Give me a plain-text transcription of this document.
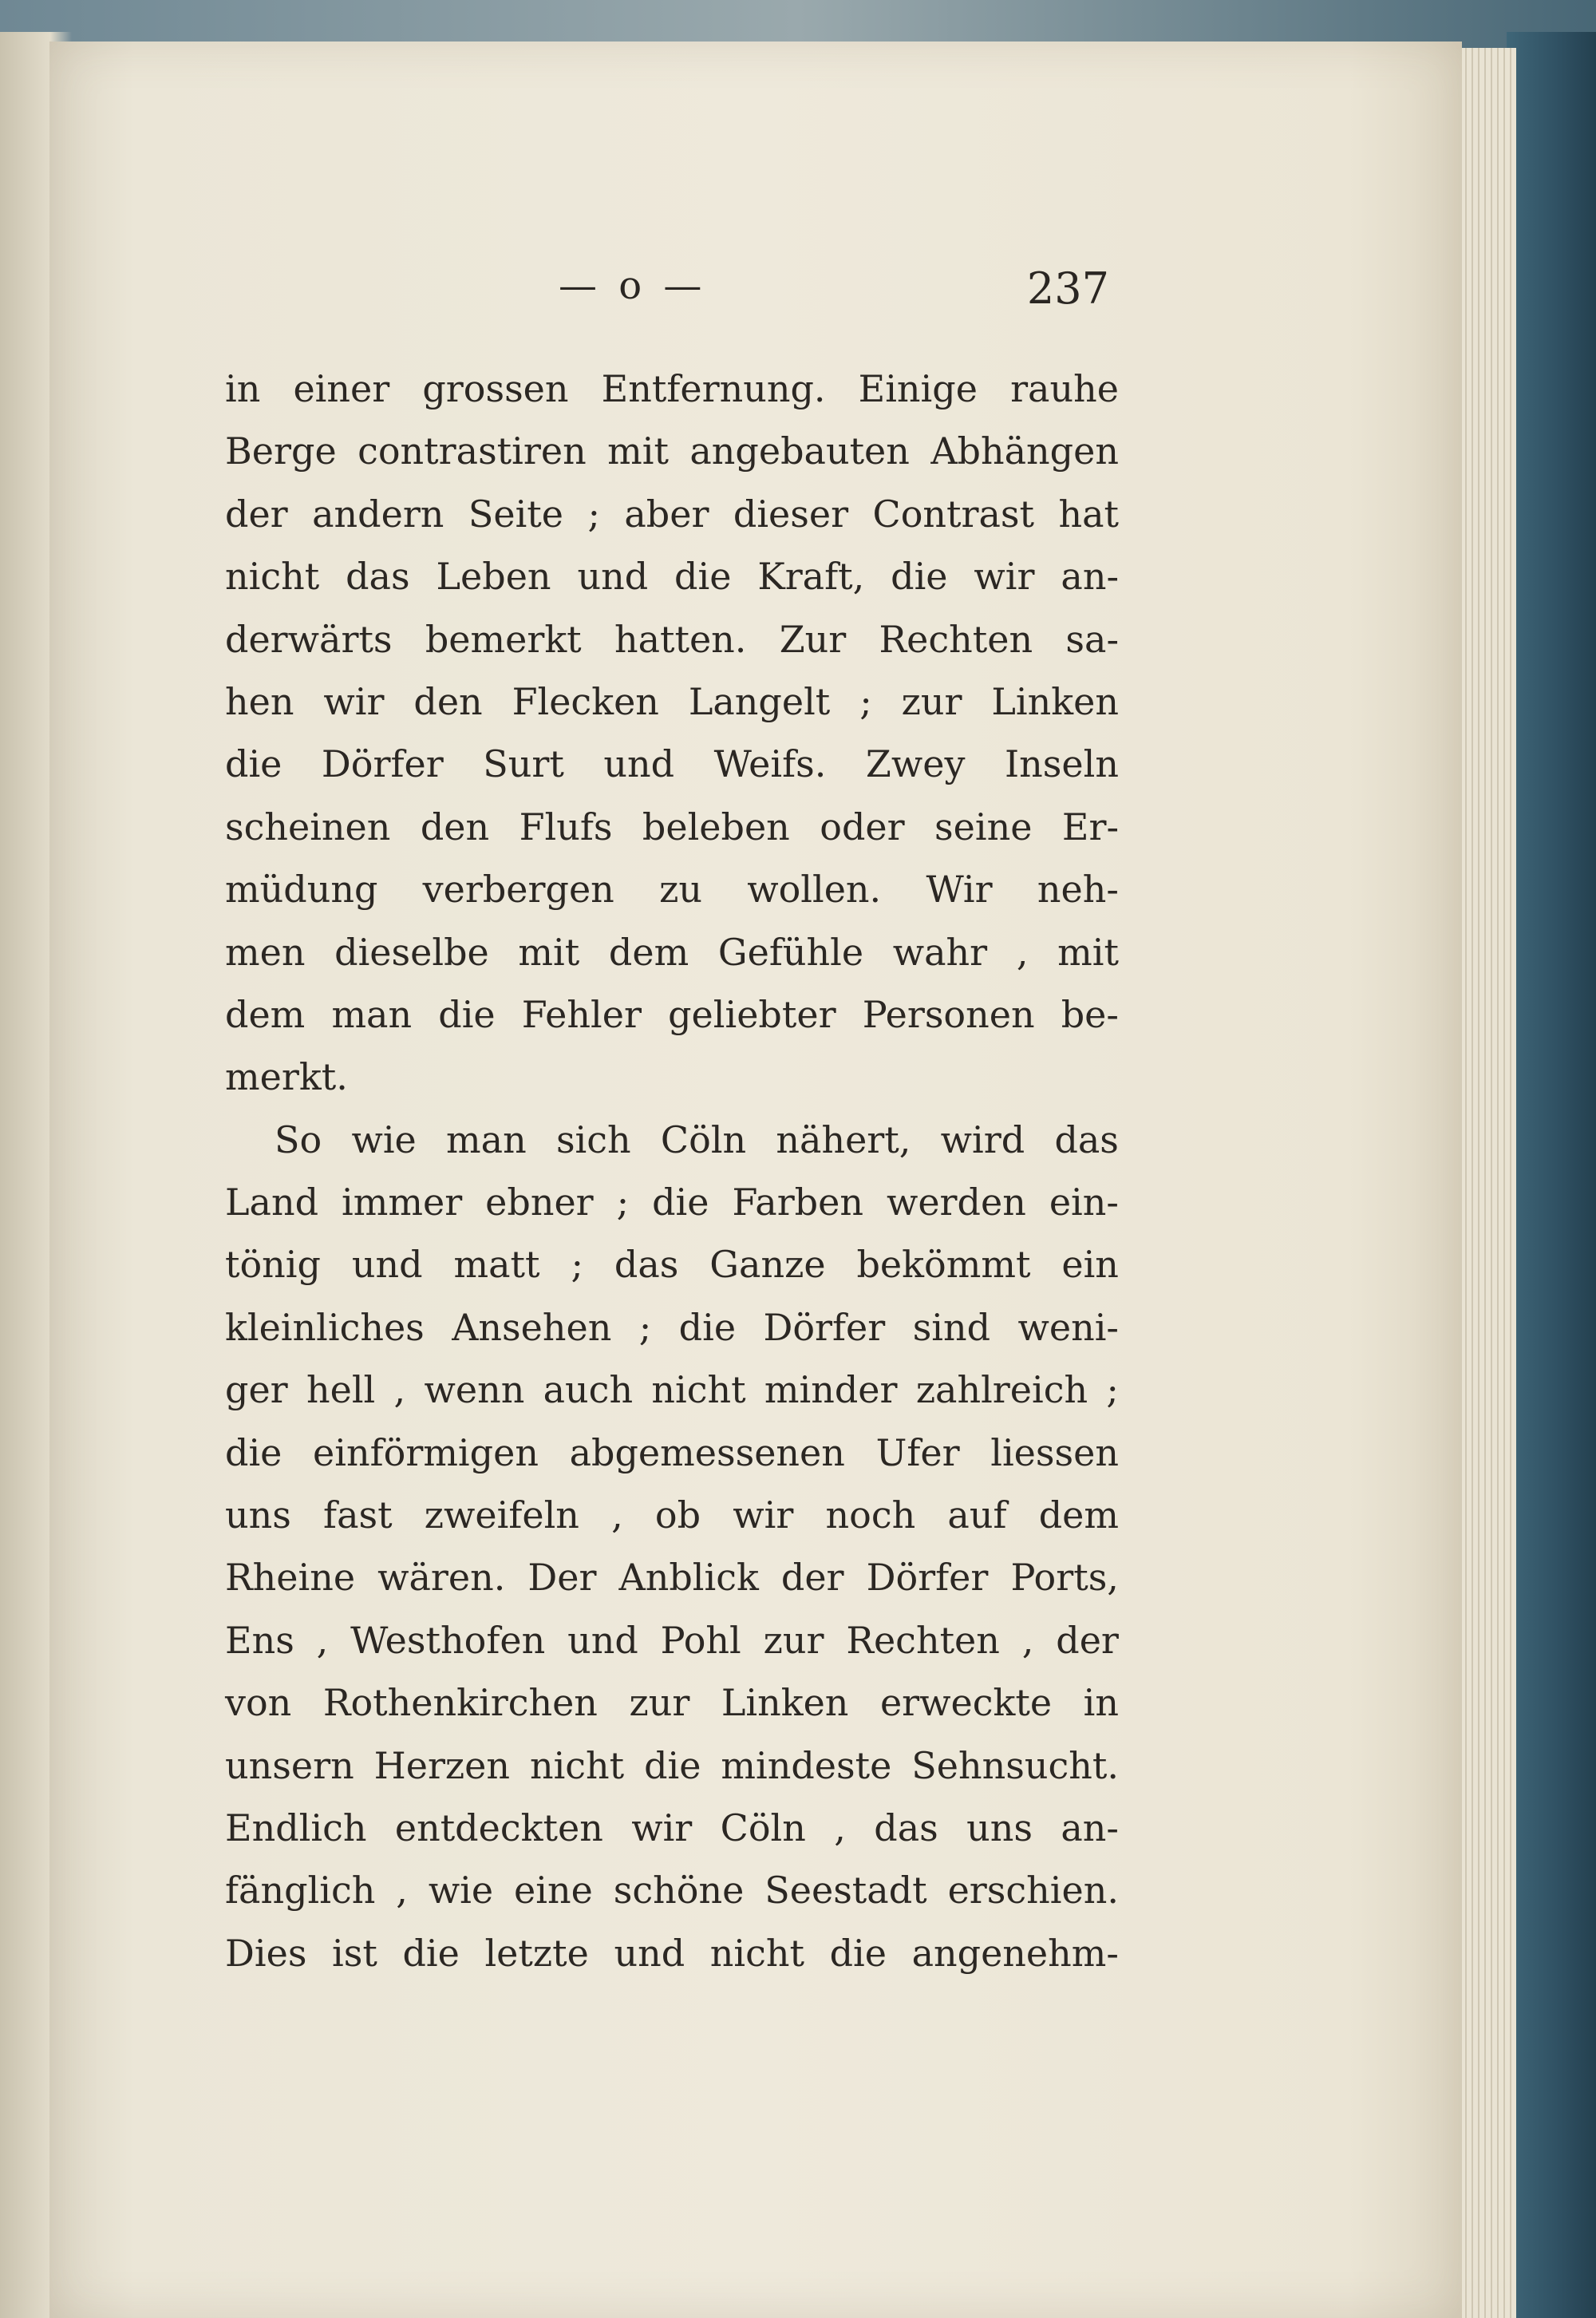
— o —	237
in einer grossen Entfernung. Einige rauhe
Berge contrastiren mit angebauten Abhängen
der andern Seite ; aber dieser Contrast hat
nicht das Leben und die Kraft, die wir an-
derwärts bemerkt hatten. Zur Rechten sa-
hen wir den Flecken Langelt ; zur Linken
die Dörfer Surt und Weifs. Zwey Inseln
scheinen den Flufs beleben oder seine Er-
müdung verbergen zu wollen. Wir neh-
men dieselbe mit dem Gefühle wahr , mit
dem man die Fehler geliebter Personen be-
merkt.
So wie man sich Cöln nähert, wird das
Land immer ebner ; die Farben werden ein-
tönig und matt ; das Ganze bekömmt ein
kleinliches Ansehen ; die Dörfer sind weni-
ger hell , wenn auch nicht minder zahlreich ;
die einförmigen abgemessenen Ufer liessen
uns fast zweifeln , ob wir noch auf dem
Rheine wären. Der Anblick der Dörfer Ports,
Ens , Westhofen und Pohl zur Rechten , der
von Rothenkirchen zur Linken erweckte in
unsern Herzen nicht die mindeste Sehnsucht.
Endlich entdeckten wir Cöln , das uns an-
fänglich , wie eine schöne Seestadt erschien.
Dies ist die letzte und nicht die angenehm-
